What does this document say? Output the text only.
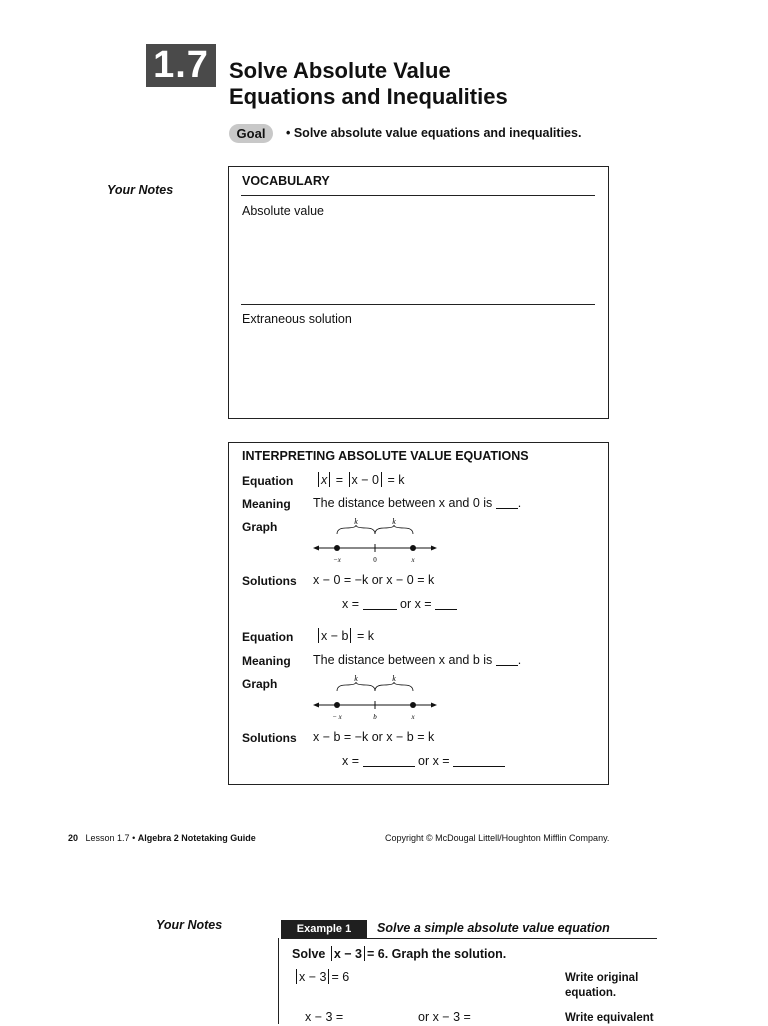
1.7 Solve Absolute Value
Equations and Inequalities
Goal	• Solve absolute value equations and inequalities.
Your Notes
VOCABULARY
Absolute value
Extraneous solution
INTERPRETING ABSOLUTE VALUE EQUATIONS
Equation	x = x − 0 = k
Meaning The distance between x and 0 is .
Graph	k	k
−x	0	x
Solutions x − 0 = −k or x − 0 = k
x =	or x =
Equation	x − b = k
Meaning The distance between x and b is .
Graph	k	k
− x	b	x
Solutions x − b = −k or x − b = k
x =	or x =
20 Lesson 1.7 • Algebra 2 Notetaking Guide	Copyright © McDougal Littell/Houghton Mifflin Company.
Your Notes	Example 1	Solve a simple absolute value equation
Solve x − 3 = 6. Graph the solution.
x − 3 = 6	Write original
equation.
x − 3 =	or x − 3 =	Write equivalent
